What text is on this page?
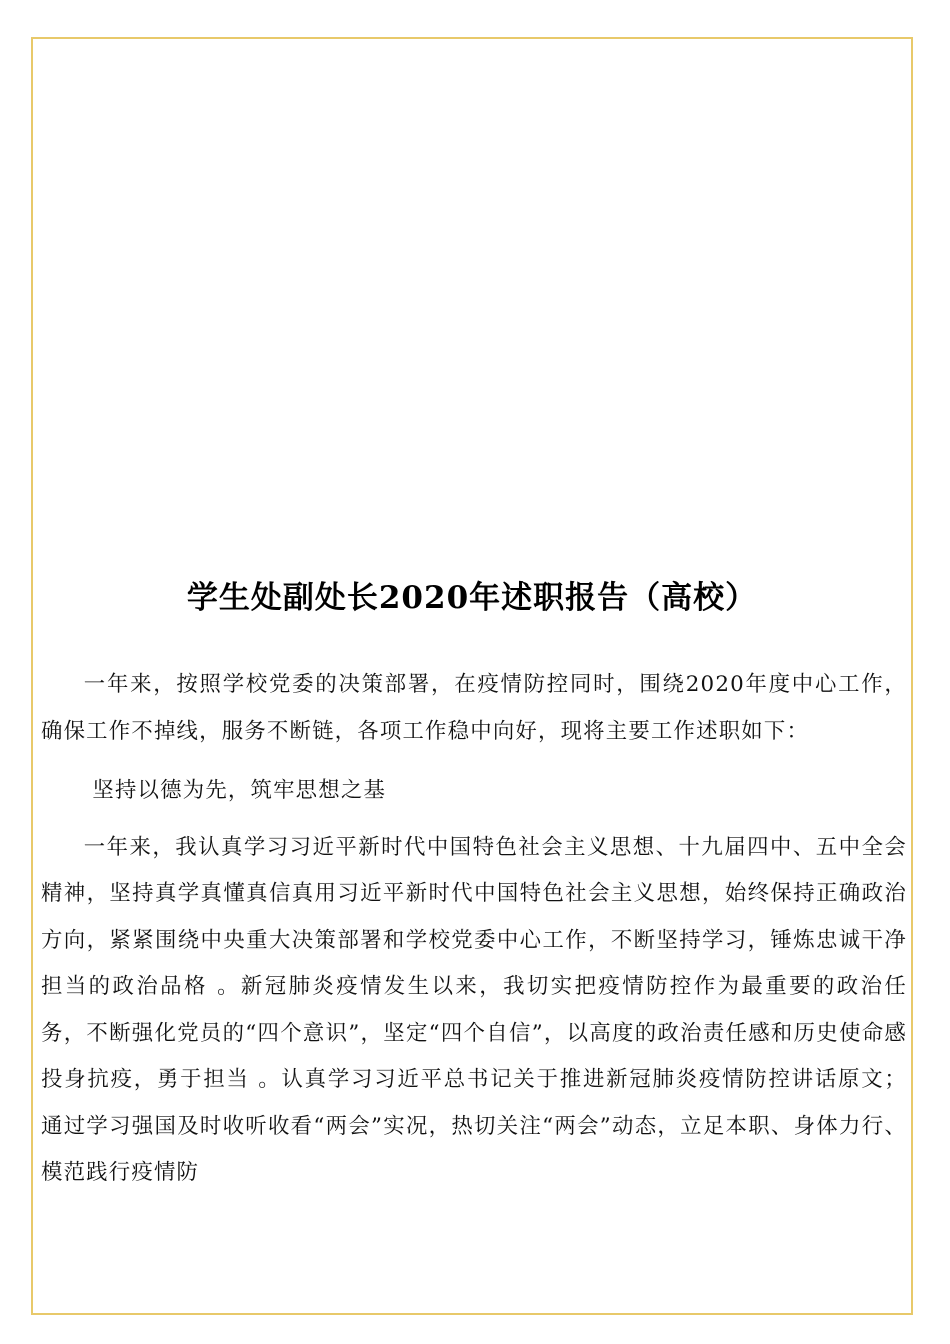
学生处副处长2020年述职报告（高校）

一年来，按照学校党委的决策部署，在疫情防控同时，围绕2020年度中心工作，确保工作不掉线，服务不断链，各项工作稳中向好，现将主要工作述职如下：

坚持以德为先，筑牢思想之基

一年来，我认真学习习近平新时代中国特色社会主义思想、十九届四中、五中全会精神，坚持真学真懂真信真用习近平新时代中国特色社会主义思想，始终保持正确政治方向，紧紧围绕中央重大决策部署和学校党委中心工作，不断坚持学习，锤炼忠诚干净担当的政治品格 。新冠肺炎疫情发生以来，我切实把疫情防控作为最重要的政治任务，不断强化党员的“四个意识”，坚定“四个自信”，以高度的政治责任感和历史使命感投身抗疫，勇于担当 。认真学习习近平总书记关于推进新冠肺炎疫情防控讲话原文；通过学习强国及时收听收看“两会”实况，热切关注“两会”动态，立足本职、身体力行、模范践行疫情防
